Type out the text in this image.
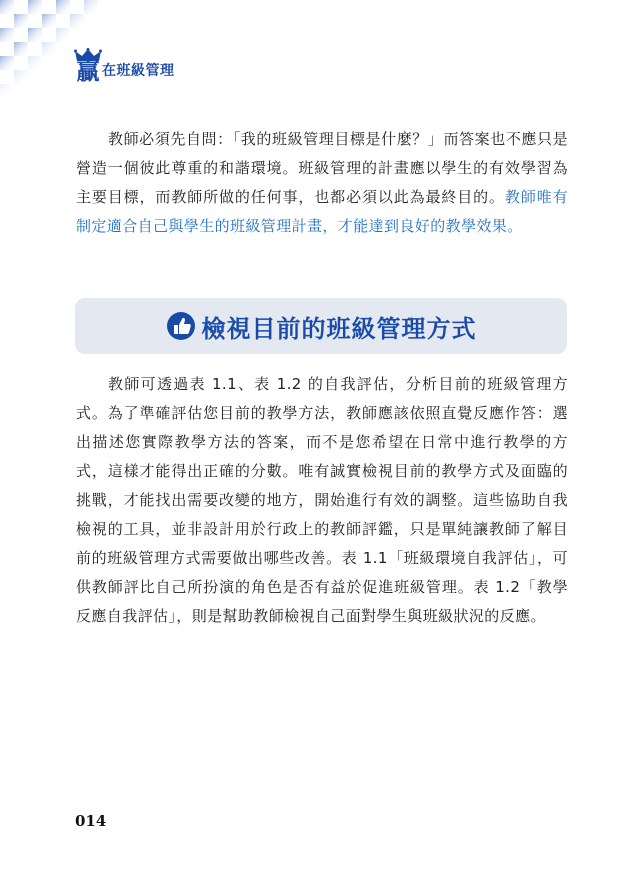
贏 在班級管理

教師必須先自問：「我的班級管理目標是什麼？」而答案也不應只是營造一個彼此尊重的和諧環境。班級管理的計畫應以學生的有效學習為主要目標，而教師所做的任何事，也都必須以此為最終目的。教師唯有制定適合自己與學生的班級管理計畫，才能達到良好的教學效果。

檢視目前的班級管理方式

教師可透過表 1.1、表 1.2 的自我評估，分析目前的班級管理方式。為了準確評估您目前的教學方法，教師應該依照直覺反應作答：選出描述您實際教學方法的答案，而不是您希望在日常中進行教學的方式，這樣才能得出正確的分數。唯有誠實檢視目前的教學方式及面臨的挑戰，才能找出需要改變的地方，開始進行有效的調整。這些協助自我檢視的工具，並非設計用於行政上的教師評鑑，只是單純讓教師了解目前的班級管理方式需要做出哪些改善。表 1.1「班級環境自我評估」，可供教師評比自己所扮演的角色是否有益於促進班級管理。表 1.2「教學反應自我評估」，則是幫助教師檢視自己面對學生與班級狀況的反應。

014
